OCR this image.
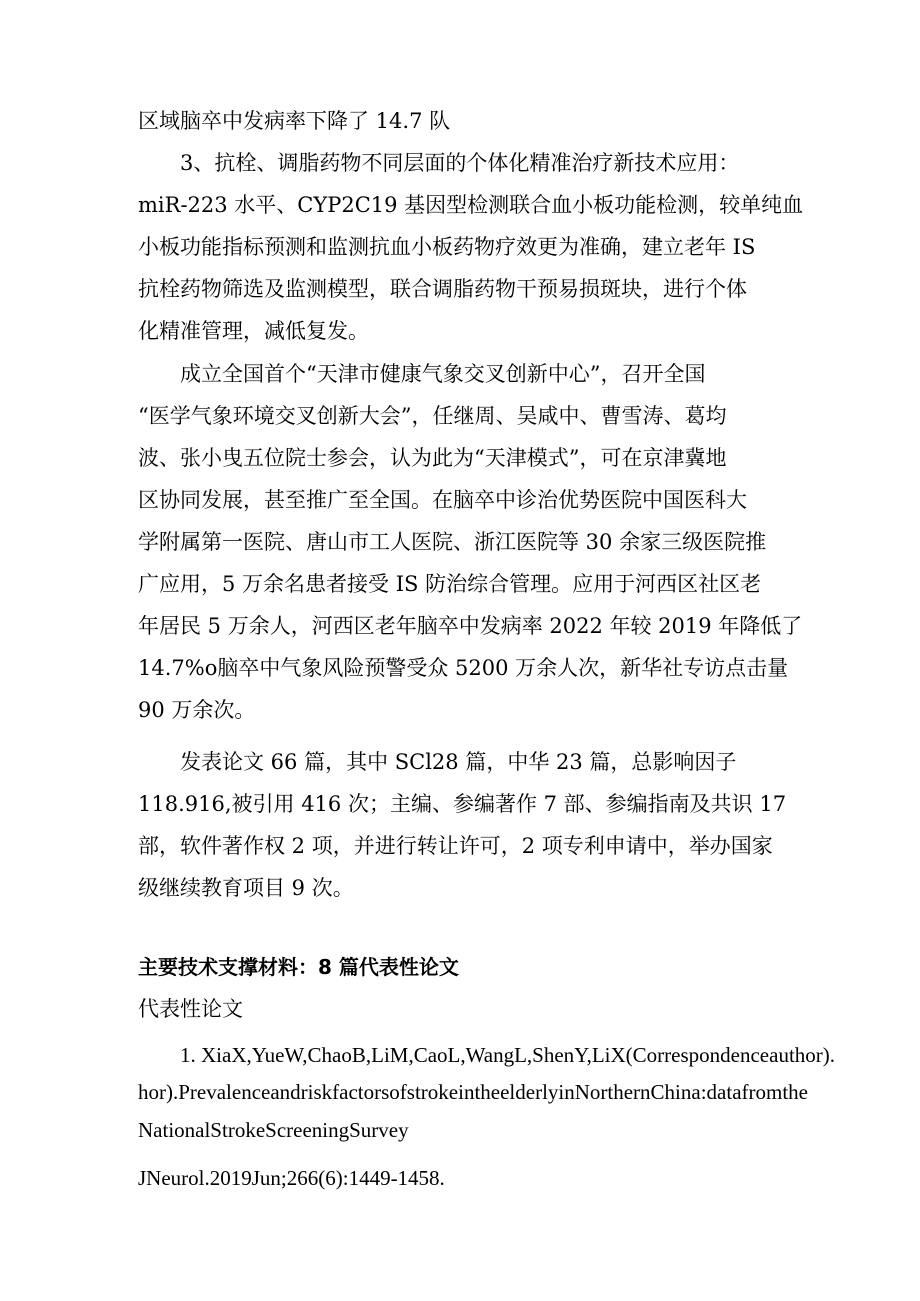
区域脑卒中发病率下降了 14.7 队

3、抗栓、调脂药物不同层面的个体化精准治疗新技术应用：

miR-223 水平、CYP2C19 基因型检测联合血小板功能检测，较单纯血

小板功能指标预测和监测抗血小板药物疗效更为准确，建立老年 IS

抗栓药物筛选及监测模型，联合调脂药物干预易损斑块，进行个体

化精准管理，减低复发。

成立全国首个“天津市健康气象交叉创新中心”，召开全国

“医学气象环境交叉创新大会”，任继周、吴咸中、曹雪涛、葛均

波、张小曳五位院士参会，认为此为“天津模式”，可在京津冀地

区协同发展，甚至推广至全国。在脑卒中诊治优势医院中国医科大

学附属第一医院、唐山市工人医院、浙江医院等 30 余家三级医院推

广应用，5 万余名患者接受 IS 防治综合管理。应用于河西区社区老

年居民 5 万余人，河西区老年脑卒中发病率 2022 年较 2019 年降低了

14.7%o脑卒中气象风险预警受众 5200 万余人次，新华社专访点击量

90 万余次。

发表论文 66 篇，其中 SCl28 篇，中华 23 篇，总影响因子

118.916,被引用 416 次；主编、参编著作 7 部、参编指南及共识 17

部，软件著作权 2 项，并进行转让许可，2 项专利申请中，举办国家

级继续教育项目 9 次。

主要技术支撑材料：8 篇代表性论文

代表性论文

1. XiaX,YueW,ChaoB,LiM,CaoL,WangL,ShenY,LiX(Correspondenceauthor).

hor).PrevalenceandriskfactorsofstrokeintheelderlyinNorthernChina:datafromthe

NationalStrokeScreeningSurvey

JNeurol.2019Jun;266(6):1449-1458.
